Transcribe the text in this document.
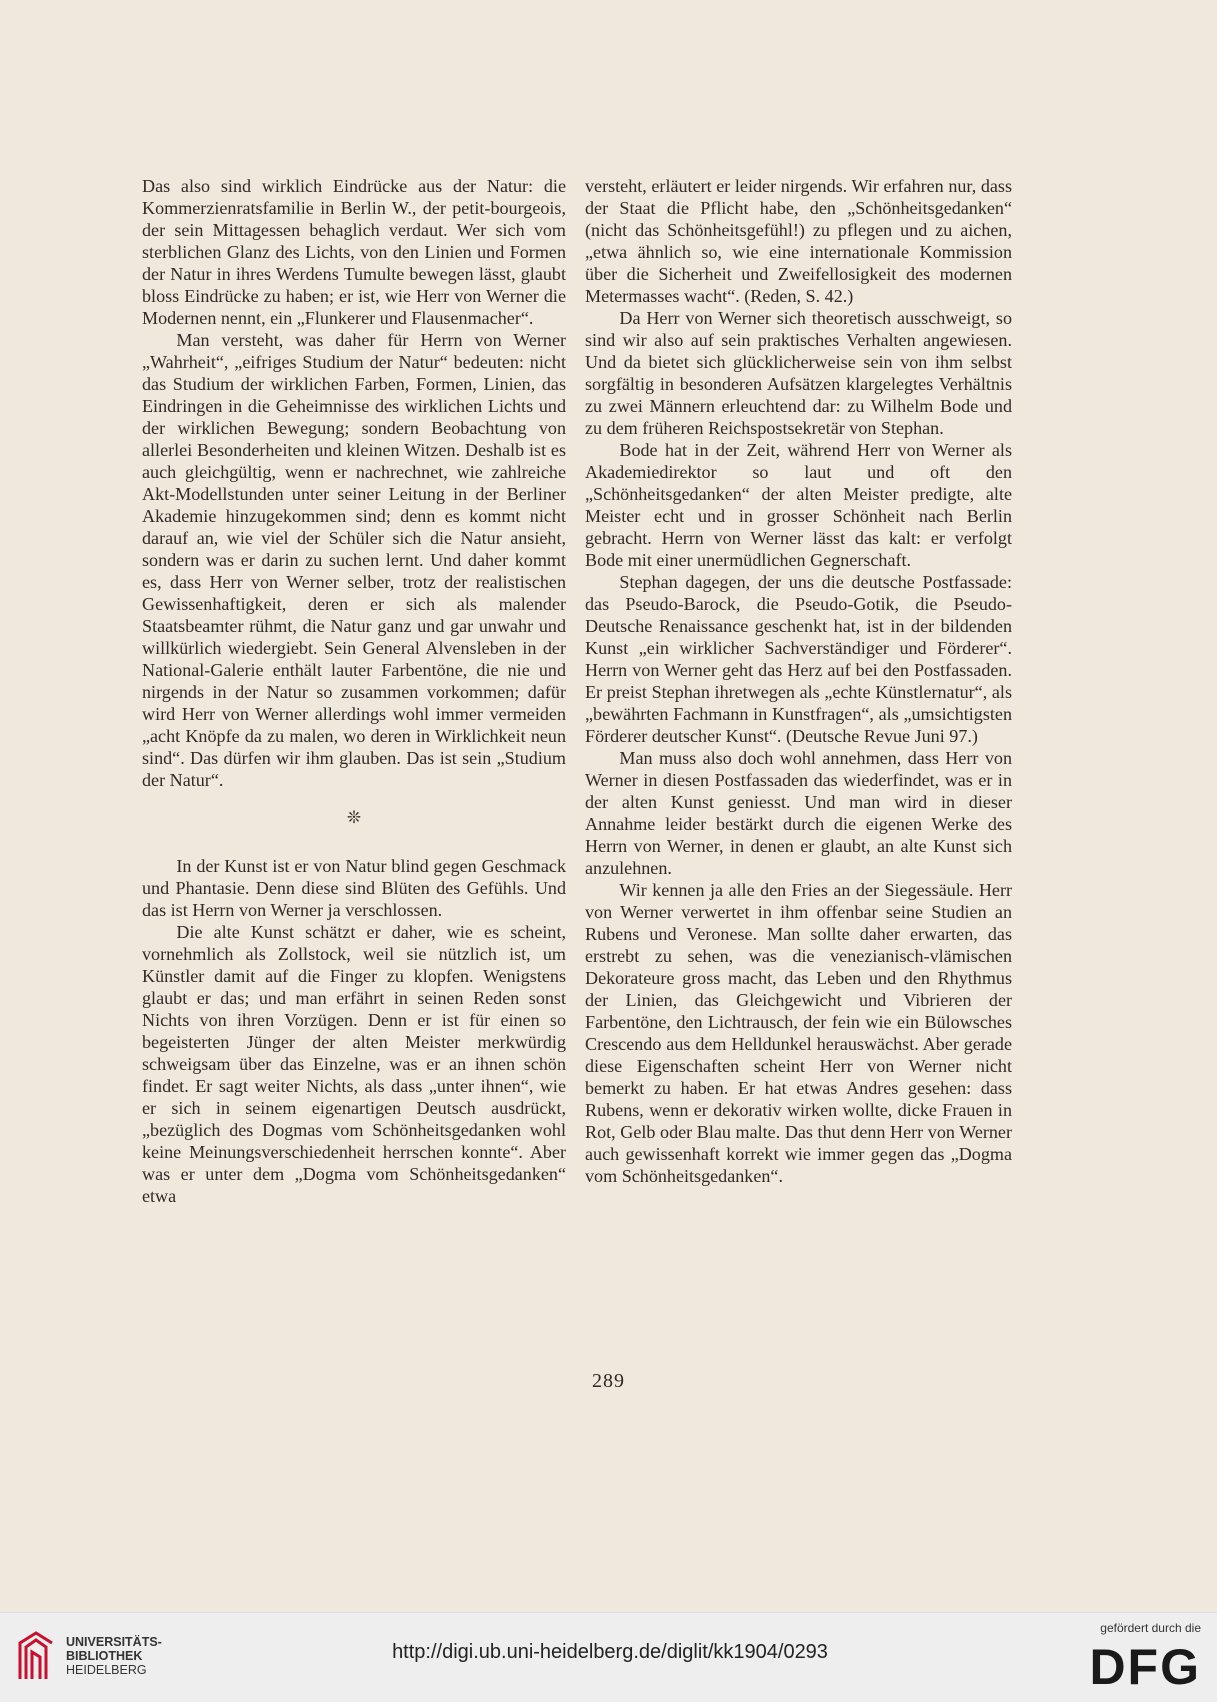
Das also sind wirklich Eindrücke aus der Natur: die Kommerzienratsfamilie in Berlin W., der petit-bourgeois, der sein Mittagessen behaglich verdaut. Wer sich vom sterblichen Glanz des Lichts, von den Linien und Formen der Natur in ihres Werdens Tumulte bewegen lässt, glaubt bloss Eindrücke zu haben; er ist, wie Herr von Werner die Modernen nennt, ein „Flunkerer und Flausenmacher“.

Man versteht, was daher für Herrn von Werner „Wahrheit“, „eifriges Studium der Natur“ bedeuten: nicht das Studium der wirklichen Farben, Formen, Linien, das Eindringen in die Geheimnisse des wirklichen Lichts und der wirklichen Bewegung; sondern Beobachtung von allerlei Besonderheiten und kleinen Witzen. Deshalb ist es auch gleichgültig, wenn er nachrechnet, wie zahlreiche Akt-Modellstunden unter seiner Leitung in der Berliner Akademie hinzugekommen sind; denn es kommt nicht darauf an, wie viel der Schüler sich die Natur ansieht, sondern was er darin zu suchen lernt. Und daher kommt es, dass Herr von Werner selber, trotz der realistischen Gewissenhaftigkeit, deren er sich als malender Staatsbeamter rühmt, die Natur ganz und gar unwahr und willkürlich wiedergiebt. Sein General Alvensleben in der National-Galerie enthält lauter Farbentöne, die nie und nirgends in der Natur so zusammen vorkommen; dafür wird Herr von Werner allerdings wohl immer vermeiden „acht Knöpfe da zu malen, wo deren in Wirklichkeit neun sind“. Das dürfen wir ihm glauben. Das ist sein „Studium der Natur“.

❊

In der Kunst ist er von Natur blind gegen Geschmack und Phantasie. Denn diese sind Blüten des Gefühls. Und das ist Herrn von Werner ja verschlossen.

Die alte Kunst schätzt er daher, wie es scheint, vornehmlich als Zollstock, weil sie nützlich ist, um Künstler damit auf die Finger zu klopfen. Wenigstens glaubt er das; und man erfährt in seinen Reden sonst Nichts von ihren Vorzügen. Denn er ist für einen so begeisterten Jünger der alten Meister merkwürdig schweigsam über das Einzelne, was er an ihnen schön findet. Er sagt weiter Nichts, als dass „unter ihnen“, wie er sich in seinem eigenartigen Deutsch ausdrückt, „bezüglich des Dogmas vom Schönheitsgedanken wohl keine Meinungsverschiedenheit herrschen konnte“. Aber was er unter dem „Dogma vom Schönheitsgedanken“ etwa

versteht, erläutert er leider nirgends. Wir erfahren nur, dass der Staat die Pflicht habe, den „Schönheitsgedanken“ (nicht das Schönheitsgefühl!) zu pflegen und zu aichen, „etwa ähnlich so, wie eine internationale Kommission über die Sicherheit und Zweifellosigkeit des modernen Metermasses wacht“. (Reden, S. 42.)

Da Herr von Werner sich theoretisch ausschweigt, so sind wir also auf sein praktisches Verhalten angewiesen. Und da bietet sich glücklicherweise sein von ihm selbst sorgfältig in besonderen Aufsätzen klargelegtes Verhältnis zu zwei Männern erleuchtend dar: zu Wilhelm Bode und zu dem früheren Reichspostsekretär von Stephan.

Bode hat in der Zeit, während Herr von Werner als Akademiedirektor so laut und oft den „Schönheitsgedanken“ der alten Meister predigte, alte Meister echt und in grosser Schönheit nach Berlin gebracht. Herrn von Werner lässt das kalt: er verfolgt Bode mit einer unermüdlichen Gegnerschaft.

Stephan dagegen, der uns die deutsche Postfassade: das Pseudo-Barock, die Pseudo-Gotik, die Pseudo-Deutsche Renaissance geschenkt hat, ist in der bildenden Kunst „ein wirklicher Sachverständiger und Förderer“. Herrn von Werner geht das Herz auf bei den Postfassaden. Er preist Stephan ihretwegen als „echte Künstlernatur“, als „bewährten Fachmann in Kunstfragen“, als „umsichtigsten Förderer deutscher Kunst“. (Deutsche Revue Juni 97.)

Man muss also doch wohl annehmen, dass Herr von Werner in diesen Postfassaden das wiederfindet, was er in der alten Kunst geniesst. Und man wird in dieser Annahme leider bestärkt durch die eigenen Werke des Herrn von Werner, in denen er glaubt, an alte Kunst sich anzulehnen.

Wir kennen ja alle den Fries an der Siegessäule. Herr von Werner verwertet in ihm offenbar seine Studien an Rubens und Veronese. Man sollte daher erwarten, das erstrebt zu sehen, was die venezianisch-vlämischen Dekorateure gross macht, das Leben und den Rhythmus der Linien, das Gleichgewicht und Vibrieren der Farbentöne, den Lichtrausch, der fein wie ein Bülowsches Crescendo aus dem Helldunkel herauswächst. Aber gerade diese Eigenschaften scheint Herr von Werner nicht bemerkt zu haben. Er hat etwas Andres gesehen: dass Rubens, wenn er dekorativ wirken wollte, dicke Frauen in Rot, Gelb oder Blau malte. Das thut denn Herr von Werner auch gewissenhaft korrekt wie immer gegen das „Dogma vom Schönheitsgedanken“.

289
UNIVERSITÄTS-
BIBLIOTHEK
HEIDELBERG
http://digi.ub.uni-heidelberg.de/diglit/kk1904/0293
gefördert durch die
DFG
